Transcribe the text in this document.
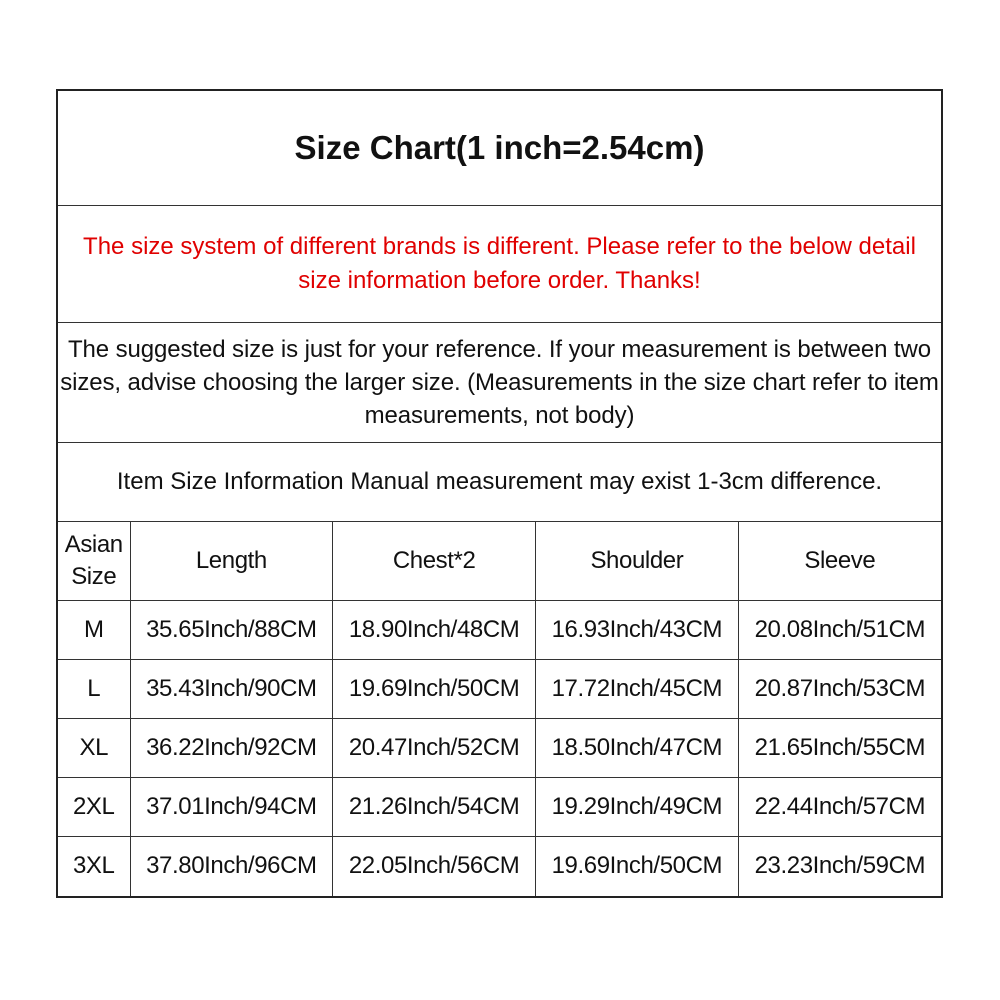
Size Chart(1 inch=2.54cm)
The size system of different brands is different. Please refer to the below detail size information before order. Thanks!
The suggested size is just for your reference. If your measurement is between two sizes, advise choosing the larger size. (Measurements in the size chart refer to item measurements, not body)
Item Size Information Manual measurement may exist 1-3cm difference.
Asian Size	Length	Chest*2	Shoulder	Sleeve
M	35.65Inch/88CM	18.90Inch/48CM	16.93Inch/43CM	20.08Inch/51CM
L	35.43Inch/90CM	19.69Inch/50CM	17.72Inch/45CM	20.87Inch/53CM
XL	36.22Inch/92CM	20.47Inch/52CM	18.50Inch/47CM	21.65Inch/55CM
2XL	37.01Inch/94CM	21.26Inch/54CM	19.29Inch/49CM	22.44Inch/57CM
3XL	37.80Inch/96CM	22.05Inch/56CM	19.69Inch/50CM	23.23Inch/59CM
